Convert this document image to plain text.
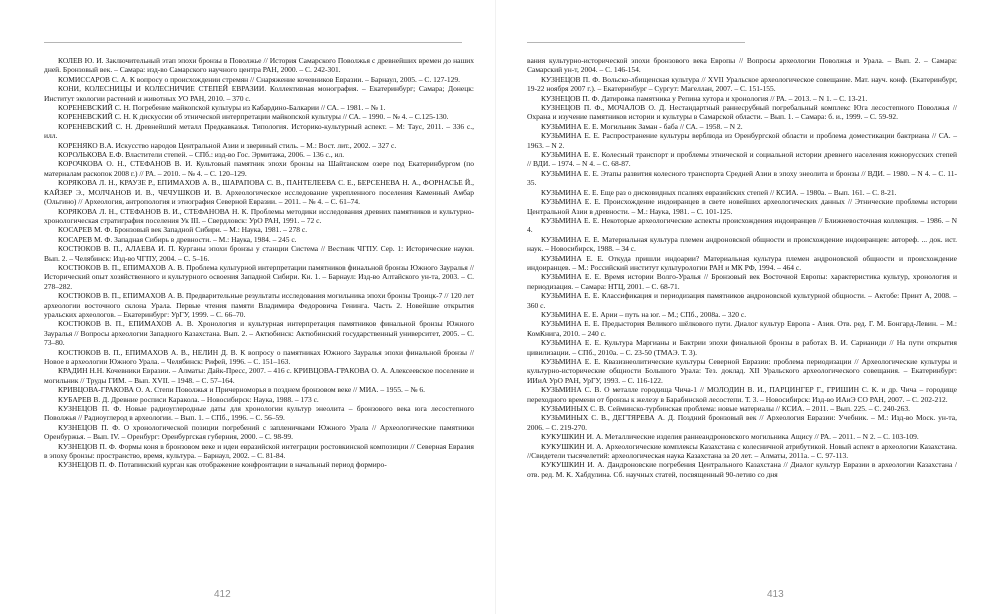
КОЛЕВ Ю. И. Заключительный этап эпохи бронзы в Поволжье // История Самарского Поволжья с древнейших времен до наших дней. Бронзовый век. – Самара: изд-во Самарского научного центра РАН, 2000. – С. 242-301.

КОМИССАРОВ С. А. К вопросу о происхождении стремян // Снаряжение кочевников Евразии. – Барнаул, 2005. – С. 127-129.

КОНИ, КОЛЕСНИЦЫ И КОЛЕСНИЧИЕ СТЕПЕЙ ЕВРАЗИИ. Коллективная монография. – Екатеринбург; Самара; Донецк: Институт экологии растений и животных УО РАН, 2010. – 370 с.

КОРЕНЕВСКИЙ С. Н. Погребение майкопской культуры из Кабардино-Балкарии // СА. – 1981. – № 1.

КОРЕНЕВСКИЙ С. Н. К дискуссии об этнической интерпретации майкопской культуры // СА. – 1990. – № 4. – С.125-130.

КОРЕНЕВСКИЙ С. Н. Древнейший металл Предкавказья. Типология. Историко-культурный аспект. – М: Таус, 2011. – 336 с., илл.

КОРЕНЯКО В.А. Искусство народов Центральной Азии и звериный стиль. – М.: Вост. лит., 2002. – 327 с.

КОРОЛЬКОВА Е.Ф. Властители степей. – СПб.: изд-во Гос. Эрмитажа, 2006. – 136 с., ил.

КОРОЧКОВА О. Н., СТЕФАНОВ В. И. Культовый памятник эпохи бронзы на Шайтанском озере под Екатеринбургом (по материалам раскопок 2008 г.) // РА. – 2010. – № 4. – С. 120–129.

КОРЯКОВА Л. Н., КРАУЗЕ Р., ЕПИМАХОВ А. В., ШАРАПОВА С. В., ПАНТЕЛЕЕВА С. Е., БЕРСЕНЕВА Н. А., ФОРНАСЬЕ Й., КАЙЗЕР Э., МОЛЧАНОВ И. В., ЧЕЧУШКОВ И. В. Археологическое исследование укрепленного поселения Каменный Амбар (Ольгино) // Археология, антропология и этнография Северной Евразии. – 2011. – № 4. – С. 61–74.

КОРЯКОВА Л. Н., СТЕФАНОВ В. И., СТЕФАНОВА Н. К. Проблемы методики исследования древних памятников и культурно-хронологическая стратиграфия поселения Ук III. – Свердловск: УрО РАН, 1991. – 72 с.

КОСАРЕВ М. Ф. Бронзовый век Западной Сибири. – М.: Наука, 1981. – 278 с.

КОСАРЕВ М. Ф. Западная Сибирь в древности. – М.: Наука, 1984. – 245 с.

КОСТЮКОВ В. П., АЛАЕВА И. П. Курганы эпохи бронзы у станции Система // Вестник ЧГПУ. Сер. 1: Исторические науки. Вып. 2. – Челябинск: Изд-во ЧГПУ, 2004. – С. 5–16.

КОСТЮКОВ В. П., ЕПИМАХОВ А. В. Проблема культурной интерпретации памятников финальной бронзы Южного Зауралья // Исторический опыт хозяйственного и культурного освоения Западной Сибири. Кн. 1. – Барнаул: Изд-во Алтайского ун-та, 2003. – С. 278–282.

КОСТЮКОВ В. П., ЕПИМАХОВ А. В. Предварительные результаты исследования могильника эпохи бронзы Троицк-7 // 120 лет археологии восточного склона Урала. Первые чтения памяти Владимира Федоровича Генинга. Часть 2. Новейшие открытия уральских археологов. – Екатеринбург: УрГУ, 1999. – С. 66–70.

КОСТЮКОВ В. П., ЕПИМАХОВ А. В. Хронология и культурная интерпретация памятников финальной бронзы Южного Зауралья // Вопросы археологии Западного Казахстана. Вып. 2. – Актюбинск: Актюбинский государственный университет, 2005. – С. 73–80.

КОСТЮКОВ В. П., ЕПИМАХОВ А. В., НЕЛИН Д. В. К вопросу о памятниках Южного Зауралья эпохи финальной бронзы // Новое в археологии Южного Урала. – Челябинск: Рифей, 1996. – С. 151–163.

КРАДИН Н.Н. Кочевники Евразии. – Алматы: Дайк-Пресс, 2007. – 416 с. КРИВЦОВА-ГРАКОВА О. А. Алексеевское поселение и могильник // Труды ГИМ. – Вып. XVII. – 1948. – С. 57–164.

КРИВЦОВА-ГРАКОВА О. А. Степи Поволжья и Причерноморья в позднем бронзовом веке // МИА. – 1955. – № 6.

КУБАРЕВ В. Д. Древние росписи Каракола. – Новосибирск: Наука, 1988. – 173 с.

КУЗНЕЦОВ П. Ф. Новые радиоуглеродные даты для хронологии культур энеолита – бронзового века юга лесостепного Поволжья // Радиоуглерод в археологии. – Вып. 1. – СПб., 1996. – С. 56–59.

КУЗНЕЦОВ П. Ф. О хронологической позиции погребений с запленичками Южного Урала // Археологические памятники Оренбуржья. – Вып. IV. – Оренбург: Оренбургская губерния, 2000. – С. 98-99.

КУЗНЕЦОВ П. Ф. Формы коня в бронзовом веке и идеи евразийской интеграции ростовкинской композиции // Северная Евразия в эпоху бронзы: пространство, время, культура. – Барнаул, 2002. – С. 81-84.

КУЗНЕЦОВ П. Ф. Потапинский курган как отображение конфронтации в начальный период формиро-

412

вания культурно-исторической эпохи бронзового века Европы // Вопросы археологии Поволжья и Урала. – Вып. 2. – Самара: Самарский ун-т, 2004. – С. 146-154.

КУЗНЕЦОВ П. Ф. Вольско-лбищенская культура // XVII Уральское археологическое совещание. Мат. науч. конф. (Екатеринбург, 19-22 ноября 2007 г.). – Екатеринбург – Сургут: Магеллан, 2007. – С. 151-155.

КУЗНЕЦОВ П. Ф. Датировка памятника у Репина хутора и хронология // РА. – 2013. – N 1. – С. 13-21.

КУЗНЕЦОВ П. Ф., МОЧАЛОВ О. Д. Нестандартный раннесрубный погребальный комплекс Юга лесостепного Поволжья // Охрана и изучение памятников истории и культуры в Самарской области. – Вып. 1. – Самара: б. и., 1999. – С. 59-92.

КУЗЬМИНА Е. Е. Могильник Заман - баба // СА. – 1958. – N 2.

КУЗЬМИНА Е. Е. Распространение культуры верблюда из Оренбургской области и проблема доместикации бактриана // СА. – 1963. – N 2.

КУЗЬМИНА Е. Е. Колесный транспорт и проблемы этнической и социальной истории древнего населения южнорусских степей // ВДИ. – 1974. – N 4. – С. 68-87.

КУЗЬМИНА Е. Е. Этапы развития колесного транспорта Средней Азии в эпоху энеолита и бронзы // ВДИ. – 1980. – N 4. – С. 11-35.

КУЗЬМИНА Е. Е. Еще раз о дисковидных псалиях евразийских степей // КСИА. – 1980а. – Вып. 161. – С. 8-21.

КУЗЬМИНА Е. Е. Происхождение индоиранцев в свете новейших археологических данных // Этнические проблемы истории Центральной Азии в древности. – М.: Наука, 1981. – С. 101-125.

КУЗЬМИНА Е. Е. Некоторые археологические аспекты происхождения индоиранцев // Ближневосточная коллекция. – 1986. – N 4.

КУЗЬМИНА Е. Е. Материальная культура племен андроновской общности и происхождение индоиранцев: автореф. ... док. ист. наук. – Новосибирск, 1988. – 34 с.

КУЗЬМИНА Е. Е. Откуда пришли индоарии? Материальная культура племен андроновской общности и происхождение индоиранцев. – М.: Российский институт культурологии РАН и МК РФ, 1994. – 464 с.

КУЗЬМИНА Е. Е. Время истории Волго-Уралья // Бронзовый век Восточной Европы: характеристика культур, хронология и периодизация. – Самара: НТЦ, 2001. – С. 68-71.

КУЗЬМИНА Е. Е. Классификация и периодизация памятников андроновской культурной общности. – Актобе: Принт А, 2008. – 360 с.

КУЗЬМИНА Е. Е. Арии – путь на юг. – М.; СПб., 2008а. – 320 с.

КУЗЬМИНА Е. Е. Предыстория Великого шёлкового пути. Диалог культур Европа - Азия. Отв. ред. Г. М. Бонгард-Левин. – М.: КомКнига, 2010. – 240 с.

КУЗЬМИНА Е. Е. Культура Маргианы и Бактрии эпохи финальной бронзы в работах В. И. Сарианиди // На пути открытия цивилизации. – СПб., 2010а. – С. 23-50 (ТМАЭ. Т. 3).

КУЗЬМИНА Е. Е. Квазизнеолитические культуры Северной Евразии: проблема периодизации // Археологические культуры и культурно-исторические общности Большого Урала: Тез. доклад. XII Уральского археологического совещания. – Екатеринбург: ИИиА УрО РАН, УрГУ, 1993. – С. 116-122.

КУЗЬМИНА С. В. О металле городища Чича-1 // МОЛОДИН В. И., ПАРЦИНГЕР Г., ГРИШИН С. К. и др. Чича – городище переходного времени от бронзы к железу в Барабинской лесостепи. Т. 3. – Новосибирск: Изд-во ИАиЭ СО РАН, 2007. – С. 202-212.

КУЗЬМИНЫХ С. В. Сейминско-турбинская проблема: новые материалы // КСИА. – 2011. – Вып. 225. – С. 240-263.

КУЗЬМИНЫХ С. В., ДЕГТЯРЕВА А. Д. Поздний бронзовый век // Археология Евразии: Учебник. – М.: Изд-во Моск. ун-та, 2006. – С. 219-270.

КУКУШКИН И. А. Металлические изделия раннеандроновского могильника Ащису // РА. – 2011. – N 2. – С. 103-109.

КУКУШКИН И. А. Археологические комплексы Казахстана с колесничной атрибутикой. Новый аспект в археологии Казахстана. //Свидетели тысячелетий: археологическая наука Казахстана за 20 лет. – Алматы, 2011а. – С. 97-113.

КУКУШКИН И. А. Дандроновские погребения Центрального Казахстана // Диалог культур Евразии в археологии Казахстана /отв. ред. М. К. Хабдулина. Сб. научных статей, посвященный 90-летию со дня

413
